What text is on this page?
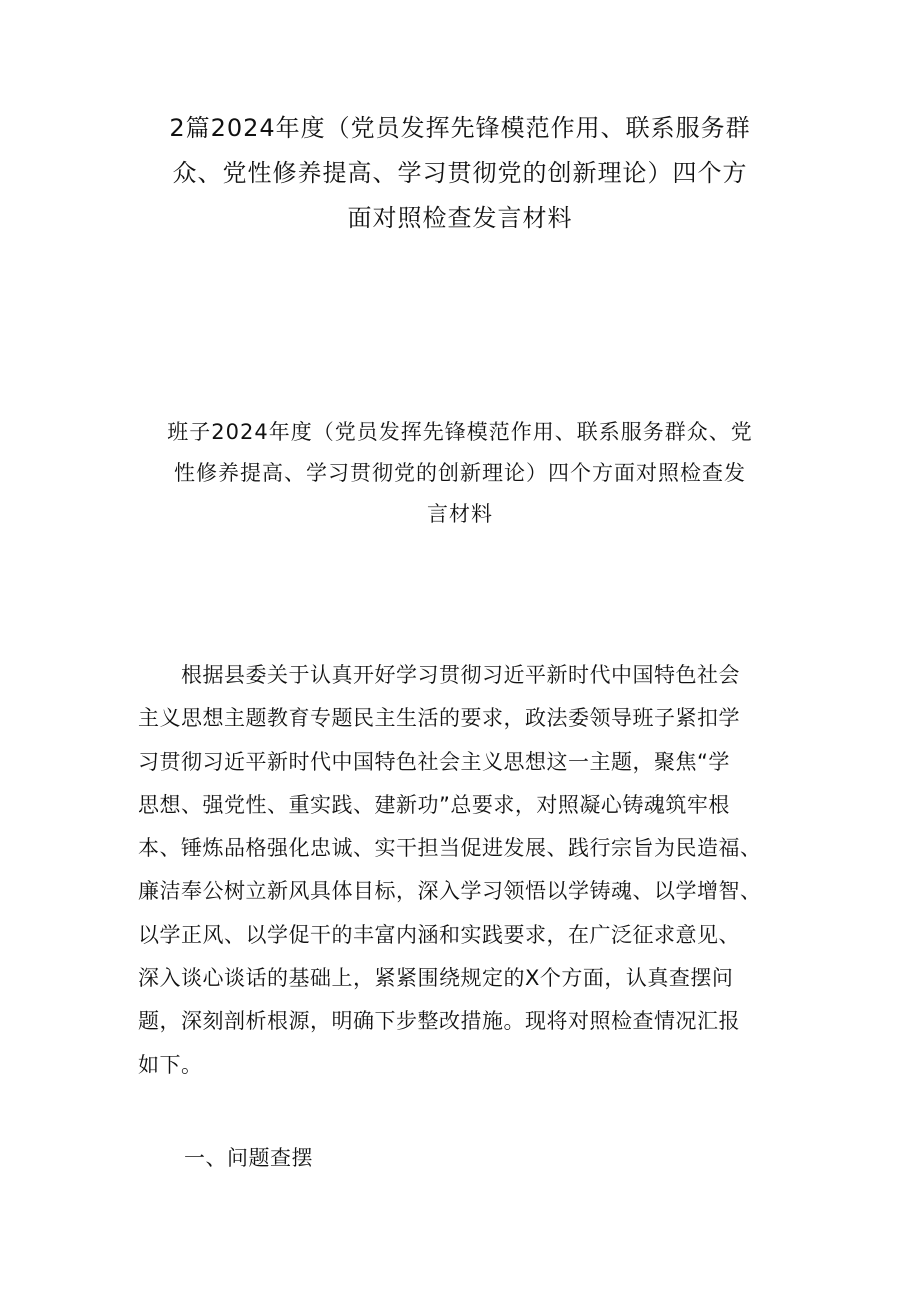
2篇2024年度（党员发挥先锋模范作用、联系服务群
众、党性修养提高、学习贯彻党的创新理论）四个方
面对照检查发言材料
班子2024年度（党员发挥先锋模范作用、联系服务群众、党
性修养提高、学习贯彻党的创新理论）四个方面对照检查发
言材料

　　根据县委关于认真开好学习贯彻习近平新时代中国特色社会
主义思想主题教育专题民主生活的要求，政法委领导班子紧扣学
习贯彻习近平新时代中国特色社会主义思想这一主题，聚焦“学
思想、强党性、重实践、建新功”总要求，对照凝心铸魂筑牢根
本、锤炼品格强化忠诚、实干担当促进发展、践行宗旨为民造福、
廉洁奉公树立新风具体目标，深入学习领悟以学铸魂、以学增智、
以学正风、以学促干的丰富内涵和实践要求，在广泛征求意见、
深入谈心谈话的基础上，紧紧围绕规定的X个方面，认真查摆问
题，深刻剖析根源，明确下步整改措施。现将对照检查情况汇报
如下。

一、问题查摆
